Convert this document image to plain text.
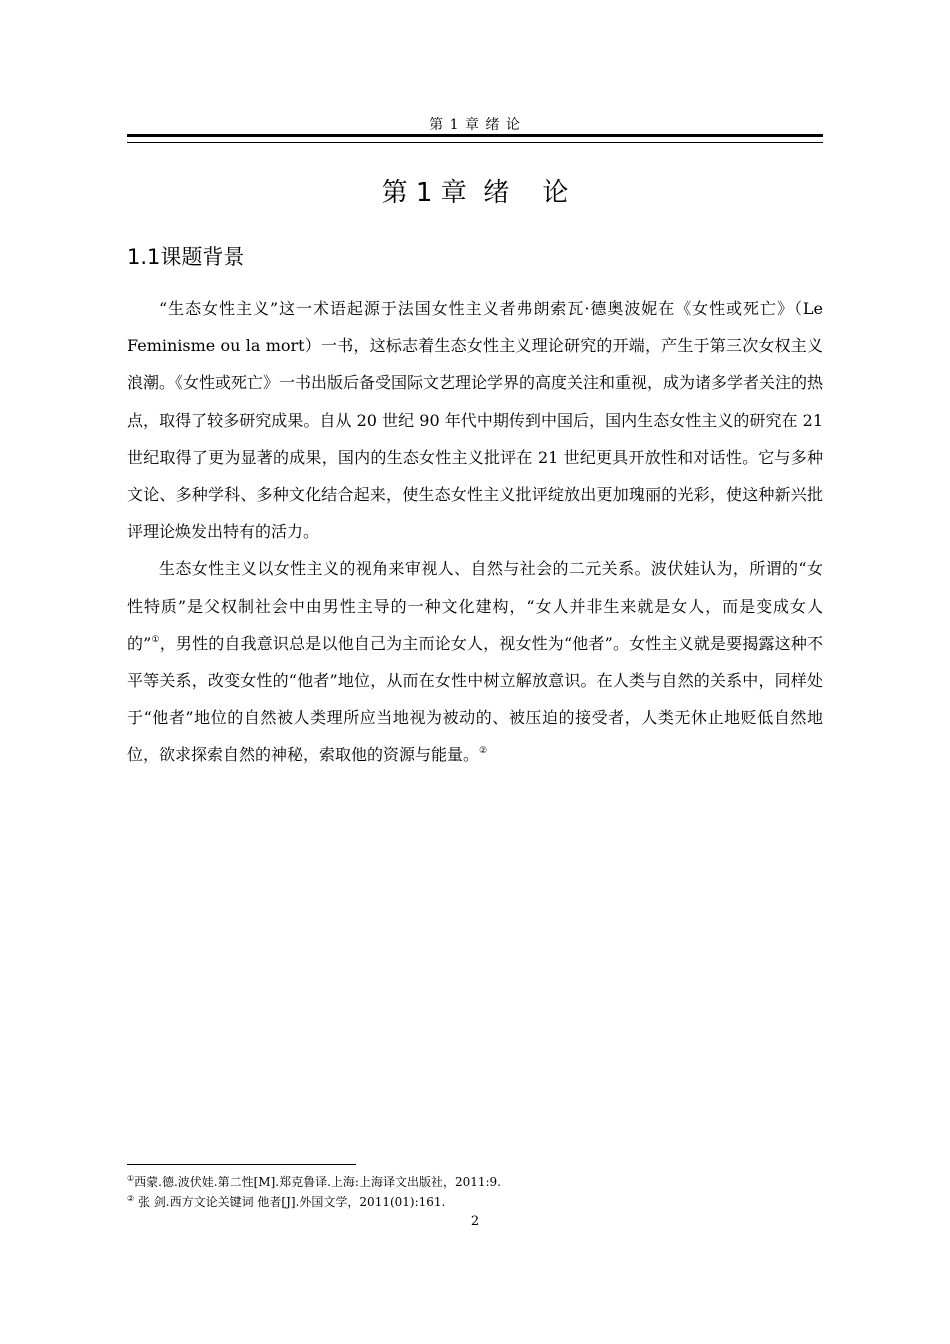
第 1 章 绪 论
第 1 章  绪    论
1.1课题背景

“生态女性主义”这一术语起源于法国女性主义者弗朗索瓦·德奥波妮在《女性或死亡》（Le Feminisme ou la mort）一书，这标志着生态女性主义理论研究的开端，产生于第三次女权主义浪潮。《女性或死亡》一书出版后备受国际文艺理论学界的高度关注和重视，成为诸多学者关注的热点，取得了较多研究成果。自从 20 世纪 90 年代中期传到中国后，国内生态女性主义的研究在 21 世纪取得了更为显著的成果，国内的生态女性主义批评在 21 世纪更具开放性和对话性。它与多种文论、多种学科、多种文化结合起来，使生态女性主义批评绽放出更加瑰丽的光彩，使这种新兴批评理论焕发出特有的活力。

生态女性主义以女性主义的视角来审视人、自然与社会的二元关系。波伏娃认为，所谓的“女性特质”是父权制社会中由男性主导的一种文化建构，“女人并非生来就是女人，而是变成女人的”①，男性的自我意识总是以他自己为主而论女人，视女性为“他者”。女性主义就是要揭露这种不平等关系，改变女性的“他者”地位，从而在女性中树立解放意识。在人类与自然的关系中，同样处于“他者”地位的自然被人类理所应当地视为被动的、被压迫的接受者，人类无休止地贬低自然地位，欲求探索自然的神秘，索取他的资源与能量。②

①西蒙.德.波伏娃.第二性[M].郑克鲁译.上海:上海译文出版社，2011:9.
② 张 剑.西方文论关键词 他者[J].外国文学，2011(01):161.
2
